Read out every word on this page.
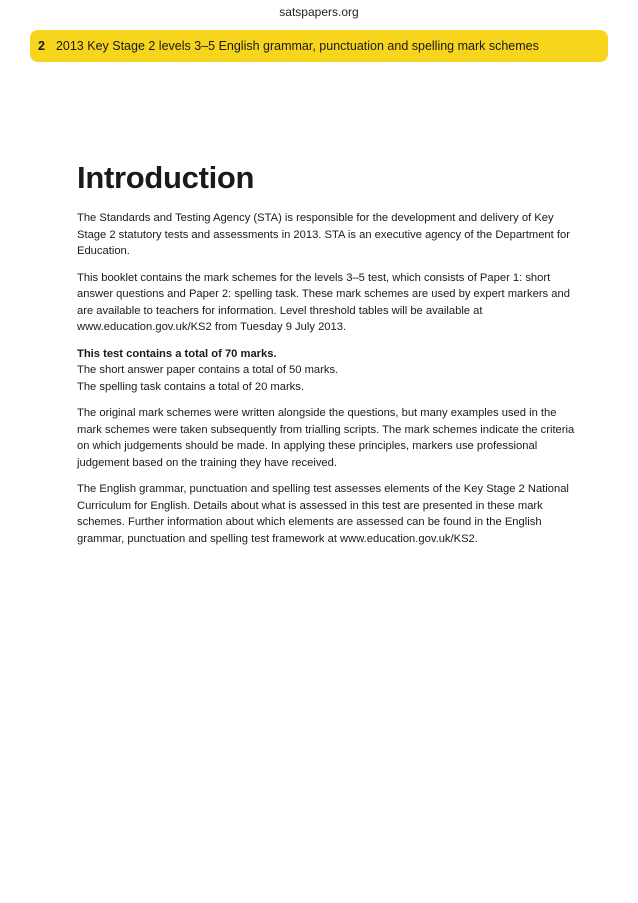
satspapers.org
2 2013 Key Stage 2 levels 3–5 English grammar, punctuation and spelling mark schemes
Introduction

The Standards and Testing Agency (STA) is responsible for the development and delivery of Key Stage 2 statutory tests and assessments in 2013. STA is an executive agency of the Department for Education.

This booklet contains the mark schemes for the levels 3–5 test, which consists of Paper 1: short answer questions and Paper 2: spelling task. These mark schemes are used by expert markers and are available to teachers for information. Level threshold tables will be available at www.education.gov.uk/KS2 from Tuesday 9 July 2013.

This test contains a total of 70 marks.
The short answer paper contains a total of 50 marks.
The spelling task contains a total of 20 marks.

The original mark schemes were written alongside the questions, but many examples used in the mark schemes were taken subsequently from trialling scripts. The mark schemes indicate the criteria on which judgements should be made. In applying these principles, markers use professional judgement based on the training they have received.

The English grammar, punctuation and spelling test assesses elements of the Key Stage 2 National Curriculum for English. Details about what is assessed in this test are presented in these mark schemes. Further information about which elements are assessed can be found in the English grammar, punctuation and spelling test framework at www.education.gov.uk/KS2.
